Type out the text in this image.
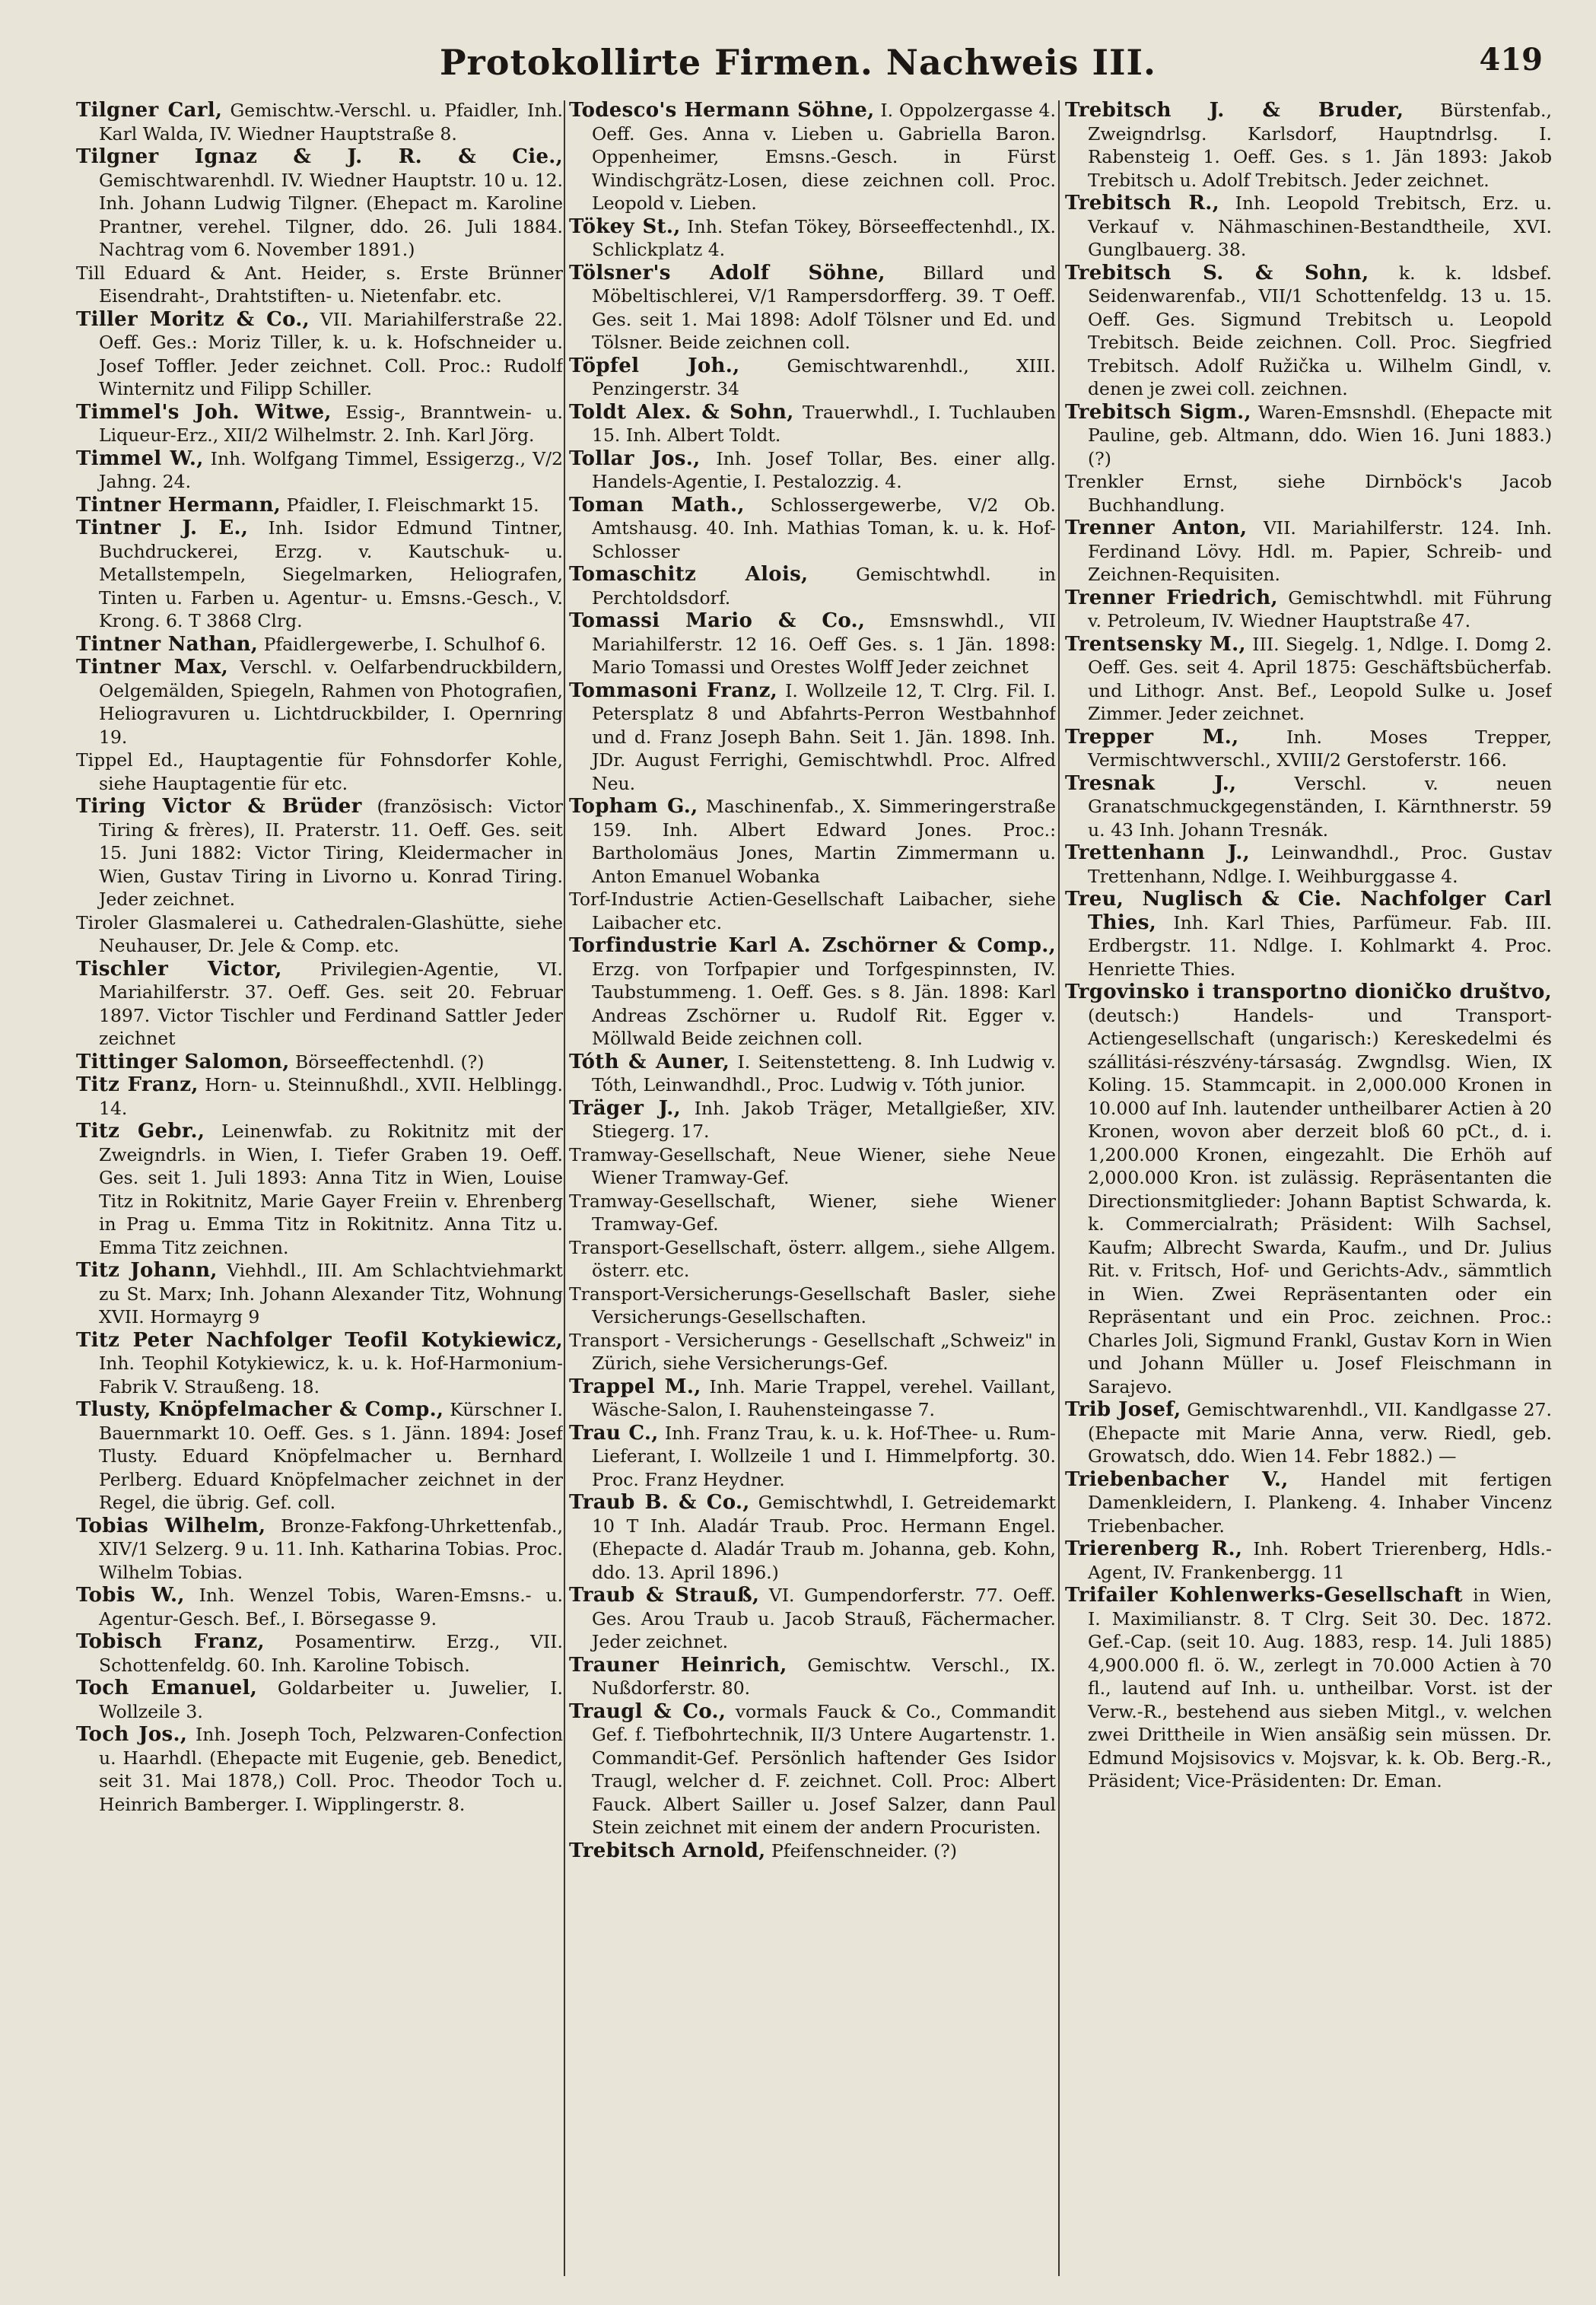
Protokollirte Firmen. Nachweis III.	419

Tilgner Carl, Gemischtw.-Verschl. u. Pfaidler, Inh. Karl Walda, IV. Wiedner Hauptstraße 8.

Tilgner Ignaz & J. R. & Cie., Gemischtwarenhdl. IV. Wiedner Hauptstr. 10 u. 12. Inh. Johann Ludwig Tilgner. (Ehepact m. Karoline Prantner, verehel. Tilgner, ddo. 26. Juli 1884. Nachtrag vom 6. November 1891.)

Till Eduard & Ant. Heider, s. Erste Brünner Eisendraht-, Drahtstiften- u. Nietenfabr. etc.

Tiller Moritz & Co., VII. Mariahilferstraße 22. Oeff. Ges.: Moriz Tiller, k. u. k. Hofschneider u. Josef Toffler. Jeder zeichnet. Coll. Proc.: Rudolf Winternitz und Filipp Schiller.

Timmel's Joh. Witwe, Essig-, Branntwein- u. Liqueur-Erz., XII/2 Wilhelmstr. 2. Inh. Karl Jörg.

Timmel W., Inh. Wolfgang Timmel, Essigerzg., V/2 Jahng. 24.

Tintner Hermann, Pfaidler, I. Fleischmarkt 15.

Tintner J. E., Inh. Isidor Edmund Tintner, Buchdruckerei, Erzg. v. Kautschuk- u. Metallstempeln, Siegelmarken, Heliografen, Tinten u. Farben u. Agentur- u. Emsns.-Gesch., V. Krong. 6. T 3868 Clrg.

Tintner Nathan, Pfaidlergewerbe, I. Schulhof 6.

Tintner Max, Verschl. v. Oelfarbendruckbildern, Oelgemälden, Spiegeln, Rahmen von Photografien, Heliogravuren u. Lichtdruckbilder, I. Opernring 19.

Tippel Ed., Hauptagentie für Fohnsdorfer Kohle, siehe Hauptagentie für etc.

Tiring Victor & Brüder (französisch: Victor Tiring & frères), II. Praterstr. 11. Oeff. Ges. seit 15. Juni 1882: Victor Tiring, Kleidermacher in Wien, Gustav Tiring in Livorno u. Konrad Tiring. Jeder zeichnet.

Tiroler Glasmalerei u. Cathedralen-Glashütte, siehe Neuhauser, Dr. Jele & Comp. etc.

Tischler Victor, Privilegien-Agentie, VI. Mariahilferstr. 37. Oeff. Ges. seit 20. Februar 1897. Victor Tischler und Ferdinand Sattler Jeder zeichnet

Tittinger Salomon, Börseeffectenhdl. (?)

Titz Franz, Horn- u. Steinnußhdl., XVII. Helblingg. 14.

Titz Gebr., Leinenwfab. zu Rokitnitz mit der Zweigndrls. in Wien, I. Tiefer Graben 19. Oeff. Ges. seit 1. Juli 1893: Anna Titz in Wien, Louise Titz in Rokitnitz, Marie Gayer Freiin v. Ehrenberg in Prag u. Emma Titz in Rokitnitz. Anna Titz u. Emma Titz zeichnen.

Titz Johann, Viehhdl., III. Am Schlachtviehmarkt zu St. Marx; Inh. Johann Alexander Titz, Wohnung XVII. Hormayrg 9

Titz Peter Nachfolger Teofil Kotykiewicz, Inh. Teophil Kotykiewicz, k. u. k. Hof-Harmonium-Fabrik V. Straußeng. 18.

Tlusty, Knöpfelmacher & Comp., Kürschner I. Bauernmarkt 10. Oeff. Ges. s 1. Jänn. 1894: Josef Tlusty. Eduard Knöpfelmacher u. Bernhard Perlberg. Eduard Knöpfelmacher zeichnet in der Regel, die übrig. Gef. coll.

Tobias Wilhelm, Bronze-Fakfong-Uhrkettenfab., XIV/1 Selzerg. 9 u. 11. Inh. Katharina Tobias. Proc. Wilhelm Tobias.

Tobis W., Inh. Wenzel Tobis, Waren-Emsns.- u. Agentur-Gesch. Bef., I. Börsegasse 9.

Tobisch Franz, Posamentirw. Erzg., VII. Schottenfeldg. 60. Inh. Karoline Tobisch.

Toch Emanuel, Goldarbeiter u. Juwelier, I. Wollzeile 3.

Toch Jos., Inh. Joseph Toch, Pelzwaren-Confection u. Haarhdl. (Ehepacte mit Eugenie, geb. Benedict, seit 31. Mai 1878,) Coll. Proc. Theodor Toch u. Heinrich Bamberger. I. Wipplingerstr. 8.

Todesco's Hermann Söhne, I. Oppolzergasse 4. Oeff. Ges. Anna v. Lieben u. Gabriella Baron. Oppenheimer, Emsns.-Gesch. in Fürst Windischgrätz-Losen, diese zeichnen coll. Proc. Leopold v. Lieben.

Tökey St., Inh. Stefan Tökey, Börseeffectenhdl., IX. Schlickplatz 4.

Tölsner's Adolf Söhne, Billard und Möbeltischlerei, V/1 Rampersdorfferg. 39. T Oeff. Ges. seit 1. Mai 1898: Adolf Tölsner und Ed. und Tölsner. Beide zeichnen coll.

Töpfel Joh.,	Gemischtwarenhdl., XIII. Penzingerstr. 34

Toldt Alex. & Sohn, Trauerwhdl., I. Tuchlauben 15. Inh. Albert Toldt.

Tollar Jos., Inh. Josef Tollar, Bes. einer allg. Handels-Agentie, I. Pestalozzig. 4.

Toman Math., Schlossergewerbe, V/2 Ob. Amtshausg. 40. Inh. Mathias Toman, k. u. k. Hof-Schlosser

Tomaschitz Alois,	Gemischtwhdl. in Perchtoldsdorf.

Tomassi Mario & Co., Emsnswhdl., VII Mariahilferstr. 12 16. Oeff Ges. s. 1 Jän. 1898: Mario Tomassi und Orestes Wolff Jeder zeichnet

Tommasoni Franz, I. Wollzeile 12, T. Clrg. Fil. I. Petersplatz 8 und Abfahrts-Perron Westbahnhof und d. Franz Joseph Bahn. Seit 1. Jän. 1898. Inh. JDr. August Ferrighi, Gemischtwhdl. Proc. Alfred Neu.

Topham G., Maschinenfab., X. Simmeringerstraße 159. Inh. Albert Edward Jones. Proc.: Bartholomäus Jones, Martin Zimmermann u. Anton Emanuel Wobanka

Torf-Industrie Actien-Gesellschaft Laibacher, siehe Laibacher etc.

Torfindustrie Karl A. Zschörner & Comp., Erzg. von Torfpapier und Torfgespinnsten, IV. Taubstummeng. 1. Oeff. Ges. s 8. Jän. 1898: Karl Andreas Zschörner u. Rudolf Rit. Egger v. Möllwald Beide zeichnen coll.

Tóth & Auner, I. Seitenstetteng. 8. Inh Ludwig v. Tóth, Leinwandhdl., Proc. Ludwig v. Tóth junior.

Träger J., Inh. Jakob Träger, Metallgießer, XIV. Stiegerg. 17.

Tramway-Gesellschaft, Neue Wiener, siehe Neue Wiener Tramway-Gef.

Tramway-Gesellschaft, Wiener, siehe Wiener Tramway-Gef.

Transport-Gesellschaft, österr. allgem., siehe Allgem. österr. etc.

Transport-Versicherungs-Gesellschaft Basler, siehe Versicherungs-Gesellschaften.

Transport - Versicherungs - Gesellschaft „Schweiz" in Zürich, siehe Versicherungs-Gef.

Trappel M., Inh. Marie Trappel, verehel. Vaillant, Wäsche-Salon, I. Rauhensteingasse 7.

Trau C., Inh. Franz Trau, k. u. k. Hof-Thee- u. Rum-Lieferant, I. Wollzeile 1 und I. Himmelpfortg. 30. Proc. Franz Heydner.

Traub B. & Co., Gemischtwhdl, I. Getreidemarkt 10 T Inh. Aladár Traub. Proc. Hermann Engel. (Ehepacte d. Aladár Traub m. Johanna, geb. Kohn, ddo. 13. April 1896.)

Traub & Strauß, VI. Gumpendorferstr. 77. Oeff. Ges. Arou Traub u. Jacob Strauß, Fächermacher. Jeder zeichnet.

Trauner Heinrich, Gemischtw. Verschl., IX. Nußdorferstr. 80.

Traugl & Co., vormals Fauck & Co., Commandit Gef. f. Tiefbohrtechnik, II/3 Untere Augartenstr. 1. Commandit-Gef. Persönlich haftender Ges Isidor Traugl, welcher d. F. zeichnet. Coll. Proc: Albert Fauck. Albert Sailler u. Josef Salzer, dann Paul Stein zeichnet mit einem der andern Procuristen.

Trebitsch Arnold, Pfeifenschneider. (?)

Trebitsch J. & Bruder, Bürstenfab., Zweigndrlsg. Karlsdorf, Hauptndrlsg. I. Rabensteig 1. Oeff. Ges. s 1. Jän 1893: Jakob Trebitsch u. Adolf Trebitsch. Jeder zeichnet.

Trebitsch R., Inh. Leopold Trebitsch, Erz. u. Verkauf v. Nähmaschinen-Bestandtheile, XVI. Gunglbauerg. 38.

Trebitsch S. & Sohn, k. k. ldsbef. Seidenwarenfab., VII/1 Schottenfeldg. 13 u. 15. Oeff. Ges. Sigmund Trebitsch u. Leopold Trebitsch. Beide zeichnen. Coll. Proc. Siegfried Trebitsch. Adolf Ružička u. Wilhelm Gindl, v. denen je zwei coll. zeichnen.

Trebitsch Sigm., Waren-Emsnshdl. (Ehepacte mit Pauline, geb. Altmann, ddo. Wien 16. Juni 1883.) (?)

Trenkler Ernst, siehe Dirnböck's Jacob Buchhandlung.

Trenner Anton, VII. Mariahilferstr. 124. Inh. Ferdinand Lövy. Hdl. m. Papier, Schreib- und Zeichnen-Requisiten.

Trenner Friedrich, Gemischtwhdl. mit Führung v. Petroleum, IV. Wiedner Hauptstraße 47.

Trentsensky M., III. Siegelg. 1, Ndlge. I. Domg 2. Oeff. Ges. seit 4. April 1875: Geschäftsbücherfab. und Lithogr. Anst. Bef., Leopold Sulke u. Josef Zimmer. Jeder zeichnet.

Trepper M.,	Inh. Moses Trepper, Vermischtwverschl., XVIII/2 Gerstoferstr. 166.

Tresnak J.,	Verschl. v. neuen Granatschmuckgegenständen, I. Kärnthnerstr. 59 u. 43 Inh. Johann Tresnák.

Trettenhann J., Leinwandhdl., Proc. Gustav Trettenhann, Ndlge. I. Weihburggasse 4.

Treu, Nuglisch & Cie. Nachfolger Carl Thies, Inh. Karl Thies, Parfümeur. Fab. III. Erdbergstr. 11. Ndlge. I. Kohlmarkt 4. Proc. Henriette Thies.

Trgovinsko i transportno dioničko društvo, (deutsch:) Handels- und Transport-Actiengesellschaft (ungarisch:) Kereskedelmi és szállitási-részvény-társaság. Zwgndlsg. Wien, IX Koling. 15. Stammcapit. in 2,000.000 Kronen in 10.000 auf Inh. lautender untheilbarer Actien à 20 Kronen, wovon aber derzeit bloß 60 pCt., d. i. 1,200.000 Kronen, eingezahlt. Die Erhöh auf 2,000.000 Kron. ist zulässig. Repräsentanten die Directionsmitglieder: Johann Baptist Schwarda, k. k. Commercialrath; Präsident: Wilh Sachsel, Kaufm; Albrecht Swarda, Kaufm., und Dr. Julius Rit. v. Fritsch, Hof- und Gerichts-Adv., sämmtlich in Wien. Zwei Repräsentanten oder ein Repräsentant und ein Proc. zeichnen. Proc.: Charles Joli, Sigmund Frankl, Gustav Korn in Wien und Johann Müller u. Josef Fleischmann in Sarajevo.

Trib Josef, Gemischtwarenhdl., VII. Kandlgasse 27. (Ehepacte mit Marie Anna, verw. Riedl, geb. Growatsch, ddo. Wien 14. Febr 1882.) —

Triebenbacher V., Handel mit fertigen Damenkleidern, I. Plankeng. 4. Inhaber Vincenz Triebenbacher.

Trierenberg R., Inh. Robert Trierenberg, Hdls.-Agent, IV. Frankenbergg. 11

Trifailer Kohlenwerks-Gesellschaft in Wien, I. Maximilianstr. 8. T Clrg. Seit 30. Dec. 1872. Gef.-Cap. (seit 10. Aug. 1883, resp. 14. Juli 1885) 4,900.000 fl. ö. W., zerlegt in 70.000 Actien à 70 fl., lautend auf Inh. u. untheilbar. Vorst. ist der Verw.-R., bestehend aus sieben Mitgl., v. welchen zwei Drittheile in Wien ansäßig sein müssen. Dr. Edmund Mojsisovics v. Mojsvar, k. k. Ob. Berg.-R., Präsident; Vice-Präsidenten: Dr. Eman.
